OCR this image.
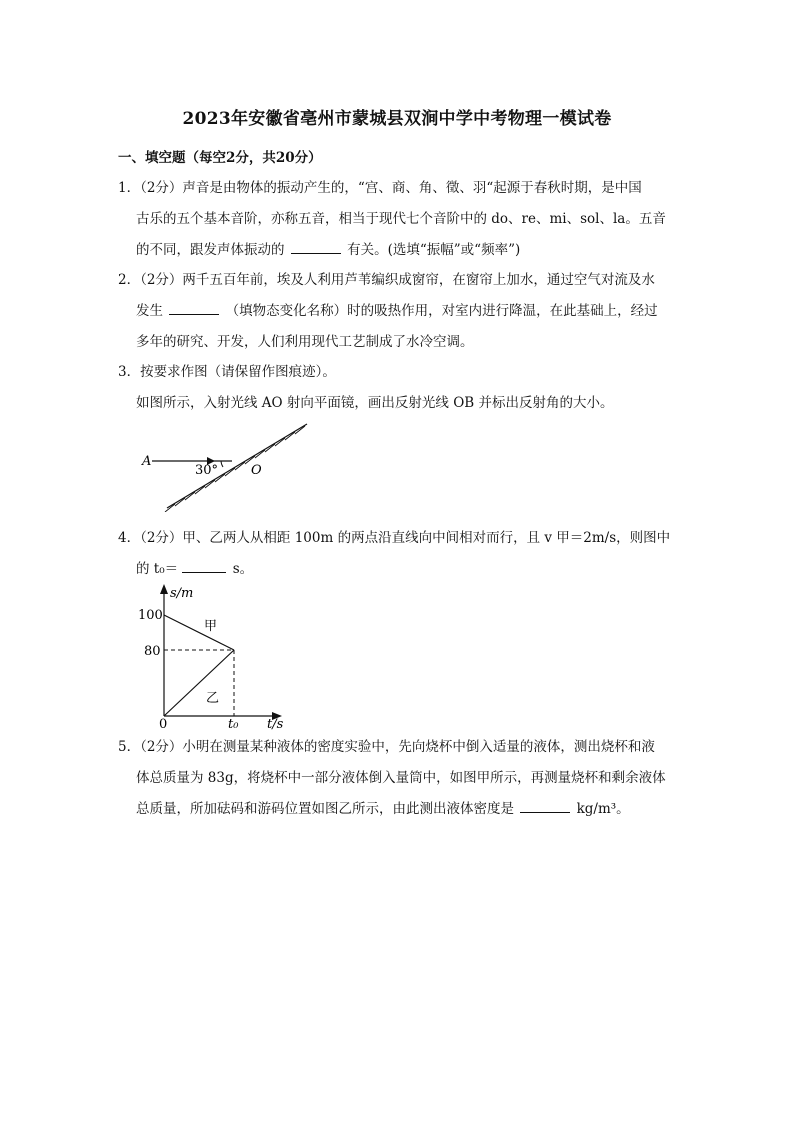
2023年安徽省亳州市蒙城县双涧中学中考物理一模试卷
一、填空题（每空2分，共20分）
1．（2分）声音是由物体的振动产生的，“宫、商、角、徵、羽“起源于春秋时期，是中国
古乐的五个基本音阶，亦称五音，相当于现代七个音阶中的 do、re、mi、sol、la。五音
的不同，跟发声体振动的	有关。(选填“振幅”或“频率”)
2．（2分）两千五百年前，埃及人利用芦苇编织成窗帘，在窗帘上加水，通过空气对流及水
发生	（填物态变化名称）时的吸热作用，对室内进行降温，在此基础上，经过
多年的研究、开发，人们利用现代工艺制成了水冷空调。
3．按要求作图（请保留作图痕迹）。
如图所示，入射光线 AO 射向平面镜，画出反射光线 OB 并标出反射角的大小。
A
30°	O
4．（2分）甲、乙两人从相距 100m 的两点沿直线向中间相对而行，且 v 甲＝2m/s，则图中
的 t₀＝	s。
s/m
t/s
100
80
0	t₀
甲
乙
5．（2分）小明在测量某种液体的密度实验中，先向烧杯中倒入适量的液体，测出烧杯和液
体总质量为 83g，将烧杯中一部分液体倒入量筒中，如图甲所示，再测量烧杯和剩余液体
总质量，所加砝码和游码位置如图乙所示，由此测出液体密度是	kg/m³。
